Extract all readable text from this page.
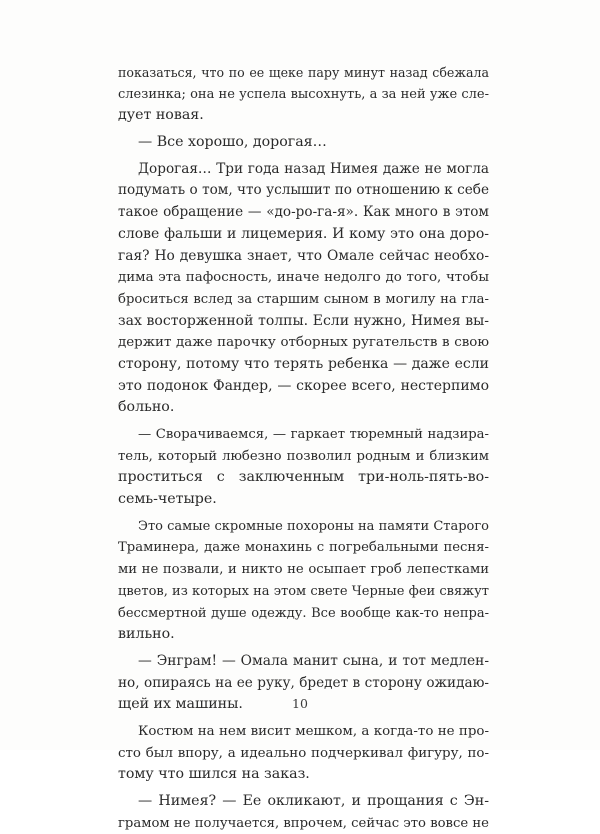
показаться, что по ее щеке пару минут назад сбежала
слезинка; она не успела высохнуть, а за ней уже сле-
дует новая.
— Все хорошо, дорогая…
Дорогая… Три года назад Нимея даже не могла
подумать о том, что услышит по отношению к себе
такое обращение — «до-ро-га-я». Как много в этом
слове фальши и лицемерия. И кому это она доро-
гая? Но девушка знает, что Омале сейчас необхо-
дима эта пафосность, иначе недолго до того, чтобы
броситься вслед за старшим сыном в могилу на гла-
зах восторженной толпы. Если нужно, Нимея вы-
держит даже парочку отборных ругательств в свою
сторону, потому что терять ребенка — даже если
это подонок Фандер, — скорее всего, нестерпимо
больно.
— Сворачиваемся, — гаркает тюремный надзира-
тель, который любезно позволил родным и близким
проститься с заключенным три-ноль-пять-во-
семь-четыре.
Это самые скромные похороны на памяти Старого
Траминера, даже монахинь с погребальными песня-
ми не позвали, и никто не осыпает гроб лепестками
цветов, из которых на этом свете Черные феи свяжут
бессмертной душе одежду. Все вообще как-то непра-
вильно.
— Энграм! — Омала манит сына, и тот медлен-
но, опираясь на ее руку, бредет в сторону ожидаю-
щей их машины.
Костюм на нем висит мешком, а когда-то не про-
сто был впору, а идеально подчеркивал фигуру, по-
тому что шился на заказ.
— Нимея? — Ее окликают, и прощания с Эн-
грамом не получается, впрочем, сейчас это вовсе не
10
